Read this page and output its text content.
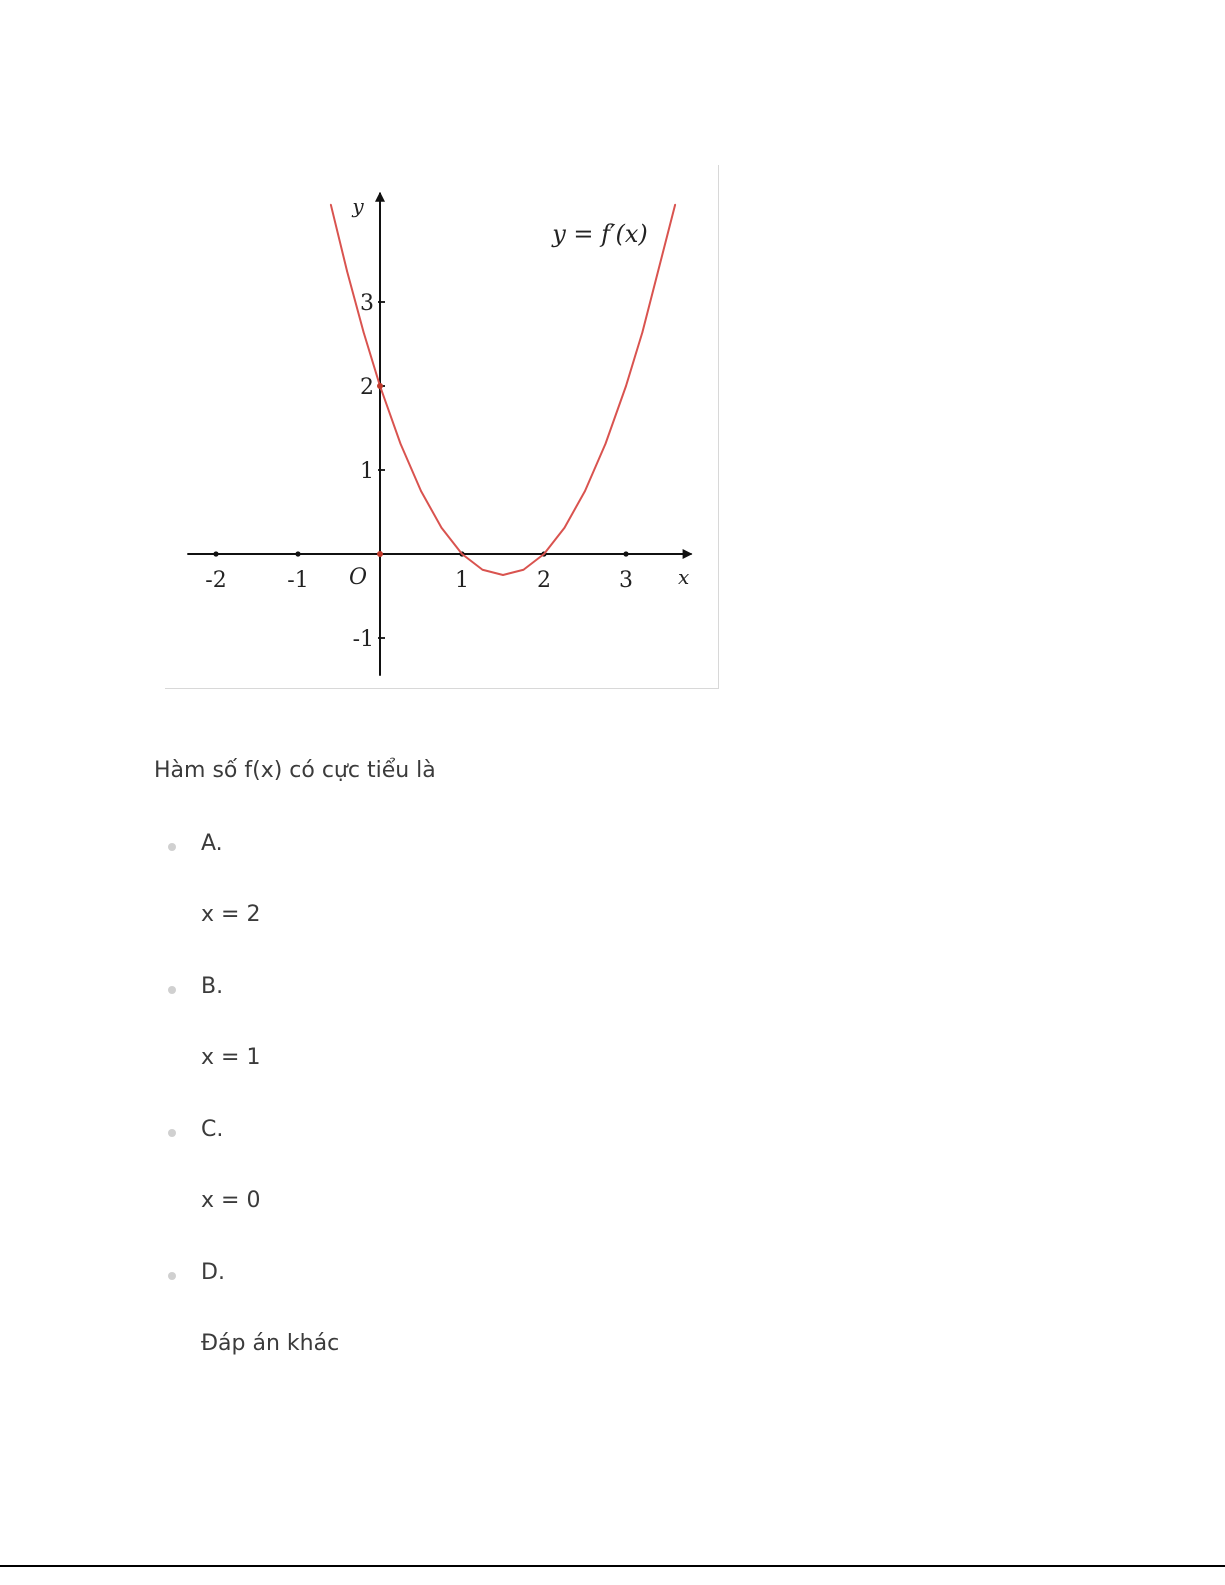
-2	-1	1	2	3
-1
1
2
3
O	x
y
y = f′(x)
Hàm số f(x) có cực tiểu là
A.
x = 2
B.
x = 1
C.
x = 0
D.
Đáp án khác
